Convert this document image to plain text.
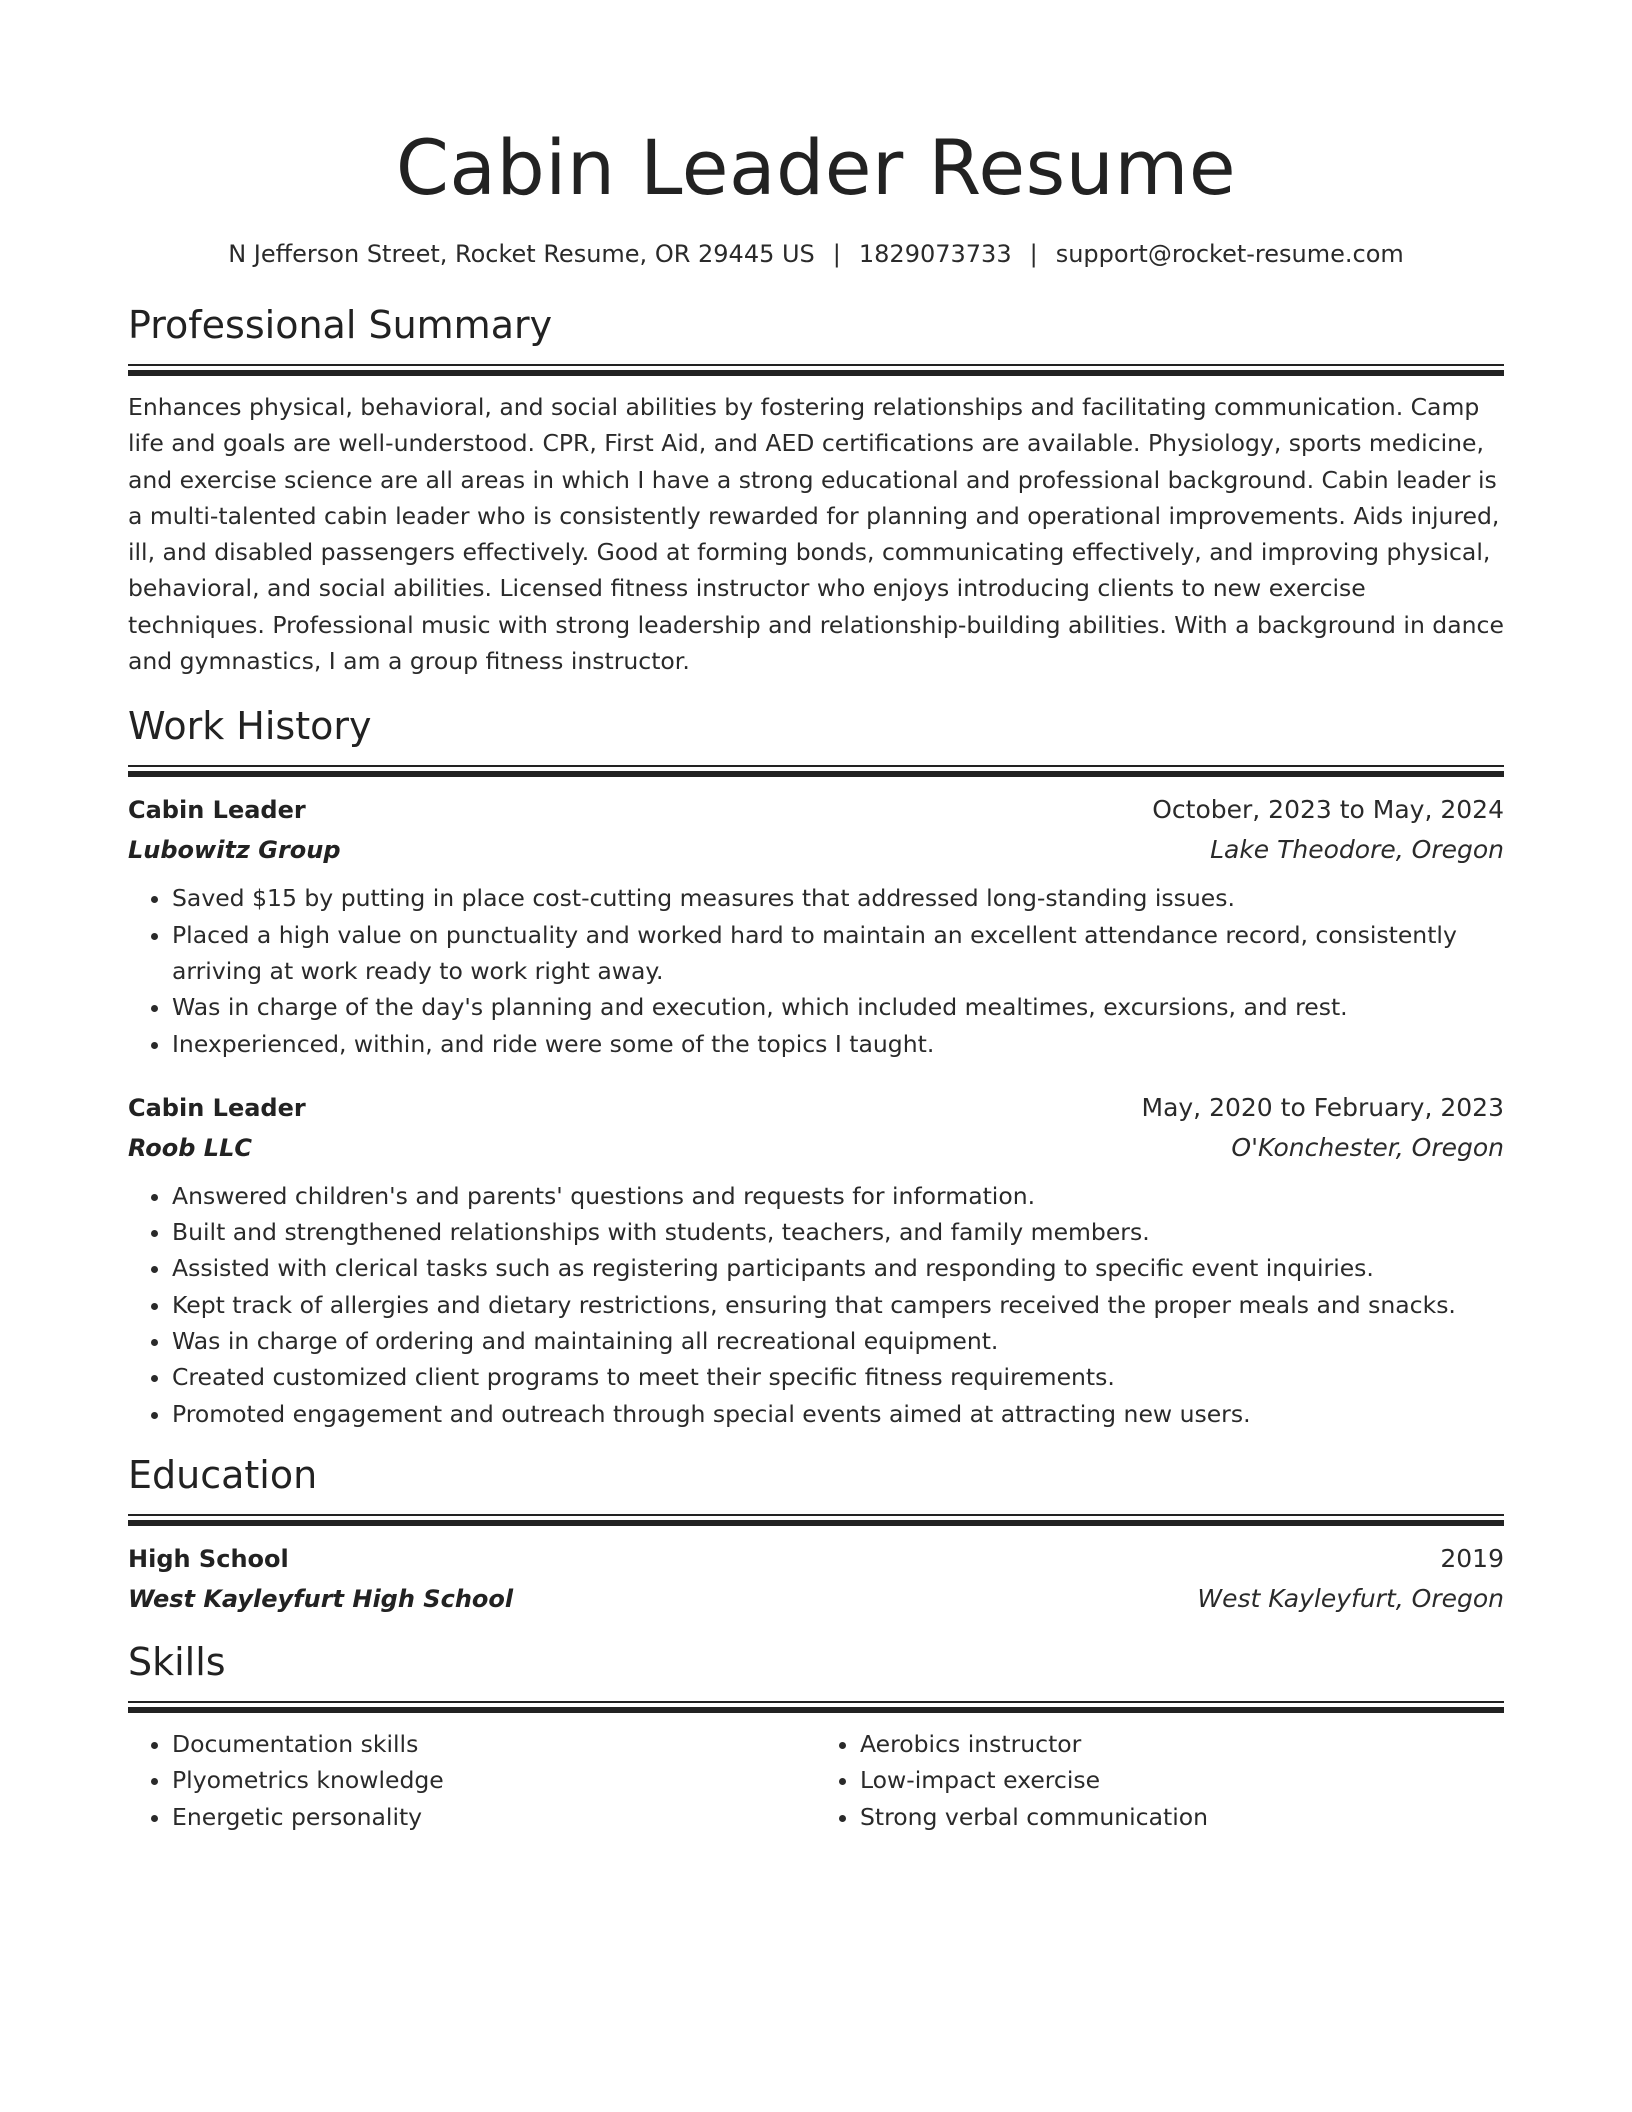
Cabin Leader Resume
N Jefferson Street, Rocket Resume, OR 29445 US | 1829073733 | support@rocket-resume.com
Professional Summary

Enhances physical, behavioral, and social abilities by fostering relationships and facilitating communication. Camp life and goals are well-understood. CPR, First Aid, and AED certifications are available. Physiology, sports medicine, and exercise science are all areas in which I have a strong educational and professional background. Cabin leader is a multi-talented cabin leader who is consistently rewarded for planning and operational improvements. Aids injured, ill, and disabled passengers effectively. Good at forming bonds, communicating effectively, and improving physical, behavioral, and social abilities. Licensed fitness instructor who enjoys introducing clients to new exercise techniques. Professional music with strong leadership and relationship-building abilities. With a background in dance and gymnastics, I am a group fitness instructor.

Work History
Cabin Leader	October, 2023 to May, 2024
Lubowitz Group	Lake Theodore, Oregon
• Saved $15 by putting in place cost-cutting measures that addressed long-standing issues.
• Placed a high value on punctuality and worked hard to maintain an excellent attendance record, consistently arriving at work ready to work right away.
• Was in charge of the day's planning and execution, which included mealtimes, excursions, and rest.
• Inexperienced, within, and ride were some of the topics I taught.
Cabin Leader	May, 2020 to February, 2023
Roob LLC	O'Konchester, Oregon
• Answered children's and parents' questions and requests for information.
• Built and strengthened relationships with students, teachers, and family members.
• Assisted with clerical tasks such as registering participants and responding to specific event inquiries.
• Kept track of allergies and dietary restrictions, ensuring that campers received the proper meals and snacks.
• Was in charge of ordering and maintaining all recreational equipment.
• Created customized client programs to meet their specific fitness requirements.
• Promoted engagement and outreach through special events aimed at attracting new users.
Education
High School	2019
West Kayleyfurt High School	West Kayleyfurt, Oregon
Skills
• Documentation skills
• Plyometrics knowledge
• Energetic personality
• Aerobics instructor
• Low-impact exercise
• Strong verbal communication
